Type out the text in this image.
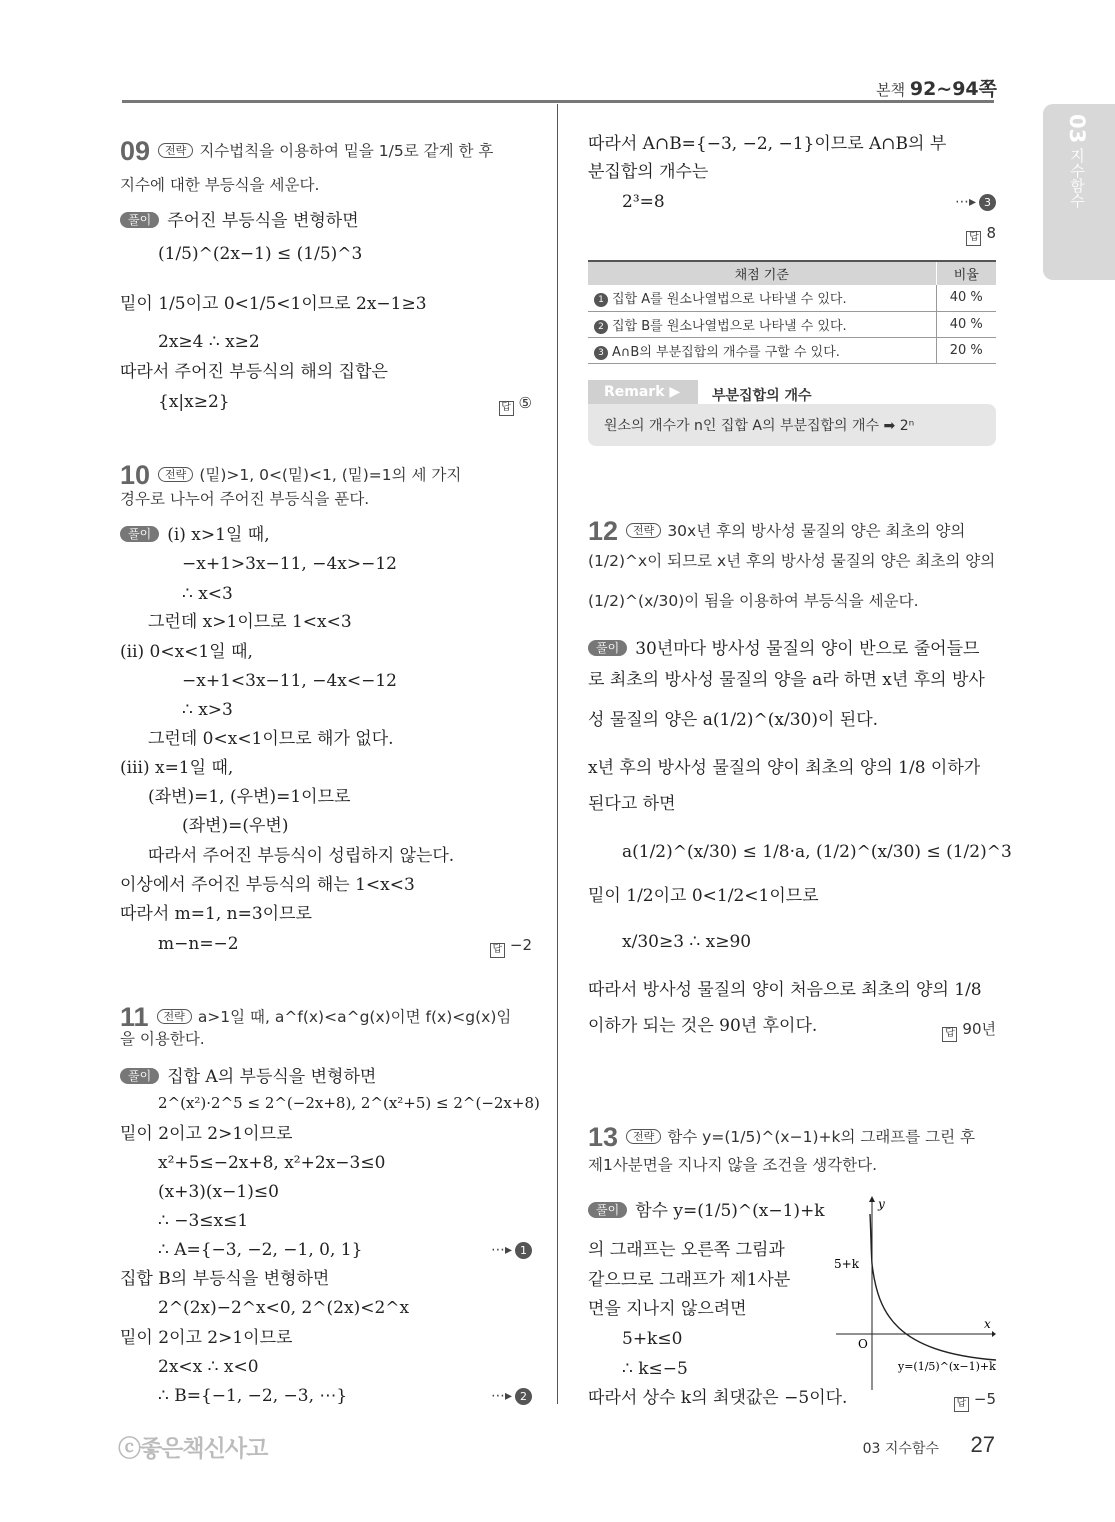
본책 92~94쪽
03 지수함수
09 전략 지수법칙을 이용하여 밑을 1/5로 같게 한 후
지수에 대한 부등식을 세운다.
풀이 주어진 부등식을 변형하면
(1/5)^(2x−1) ≤ (1/5)^3
밑이 1/5이고 0<1/5<1이므로 2x−1≥3
2x≥4 ∴ x≥2
따라서 주어진 부등식의 해의 집합은
{x|x≥2}	답 ⑤
10 전략 (밑)>1, 0<(밑)<1, (밑)=1의 세 가지
경우로 나누어 주어진 부등식을 푼다.
풀이 (ⅰ) x>1일 때,
−x+1>3x−11, −4x>−12
∴ x<3
그런데 x>1이므로 1<x<3
(ⅱ) 0<x<1일 때,
−x+1<3x−11, −4x<−12
∴ x>3
그런데 0<x<1이므로 해가 없다.
(ⅲ) x=1일 때,
(좌변)=1, (우변)=1이므로
(좌변)=(우변)
따라서 주어진 부등식이 성립하지 않는다.
이상에서 주어진 부등식의 해는 1<x<3
따라서 m=1, n=3이므로
m−n=−2	답 −2
11 전략 a>1일 때, a^f(x)<a^g(x)이면 f(x)<g(x)임
을 이용한다.
풀이 집합 A의 부등식을 변형하면
2^(x²)·2^5 ≤ 2^(−2x+8), 2^(x²+5) ≤ 2^(−2x+8)
밑이 2이고 2>1이므로
x²+5≤−2x+8, x²+2x−3≤0
(x+3)(x−1)≤0
∴ −3≤x≤1
∴ A={−3, −2, −1, 0, 1}	⋯▸ 1
집합 B의 부등식을 변형하면
2^(2x)−2^x<0, 2^(2x)<2^x
밑이 2이고 2>1이므로
2x<x ∴ x<0
∴ B={−1, −2, −3, ⋯}	⋯▸ 2
따라서 A∩B={−3, −2, −1}이므로 A∩B의 부
분집합의 개수는
2³=8	⋯▸ 3
답 8
채점 기준	비율
1 집합 A를 원소나열법으로 나타낼 수 있다.	40 %
2 집합 B를 원소나열법으로 나타낼 수 있다.	40 %
3 A∩B의 부분집합의 개수를 구할 수 있다.	20 %
Remark ▶	부분집합의 개수
원소의 개수가 n인 집합 A의 부분집합의 개수 ➡ 2ⁿ
12 전략 30x년 후의 방사성 물질의 양은 최초의 양의
(1/2)^x이 되므로 x년 후의 방사성 물질의 양은 최초의 양의
(1/2)^(x/30)이 됨을 이용하여 부등식을 세운다.
풀이 30년마다 방사성 물질의 양이 반으로 줄어들므
로 최초의 방사성 물질의 양을 a라 하면 x년 후의 방사
성 물질의 양은 a(1/2)^(x/30)이 된다.
x년 후의 방사성 물질의 양이 최초의 양의 1/8 이하가
된다고 하면
a(1/2)^(x/30) ≤ 1/8·a, (1/2)^(x/30) ≤ (1/2)^3
밑이 1/2이고 0<1/2<1이므로
x/30≥3 ∴ x≥90
따라서 방사성 물질의 양이 처음으로 최초의 양의 1/8
이하가 되는 것은 90년 후이다.	답 90년
13 전략 함수 y=(1/5)^(x−1)+k의 그래프를 그린 후
제1사분면을 지나지 않을 조건을 생각한다.
풀이 함수 y=(1/5)^(x−1)+k
의 그래프는 오른쪽 그림과
같으므로 그래프가 제1사분
면을 지나지 않으려면
5+k≤0
∴ k≤−5
따라서 상수 k의 최댓값은 −5이다.	답 −5
y
x
O
5+k
y=(1/5)^(x−1)+k
ⓒ좋은책신사고	03 지수함수 27
